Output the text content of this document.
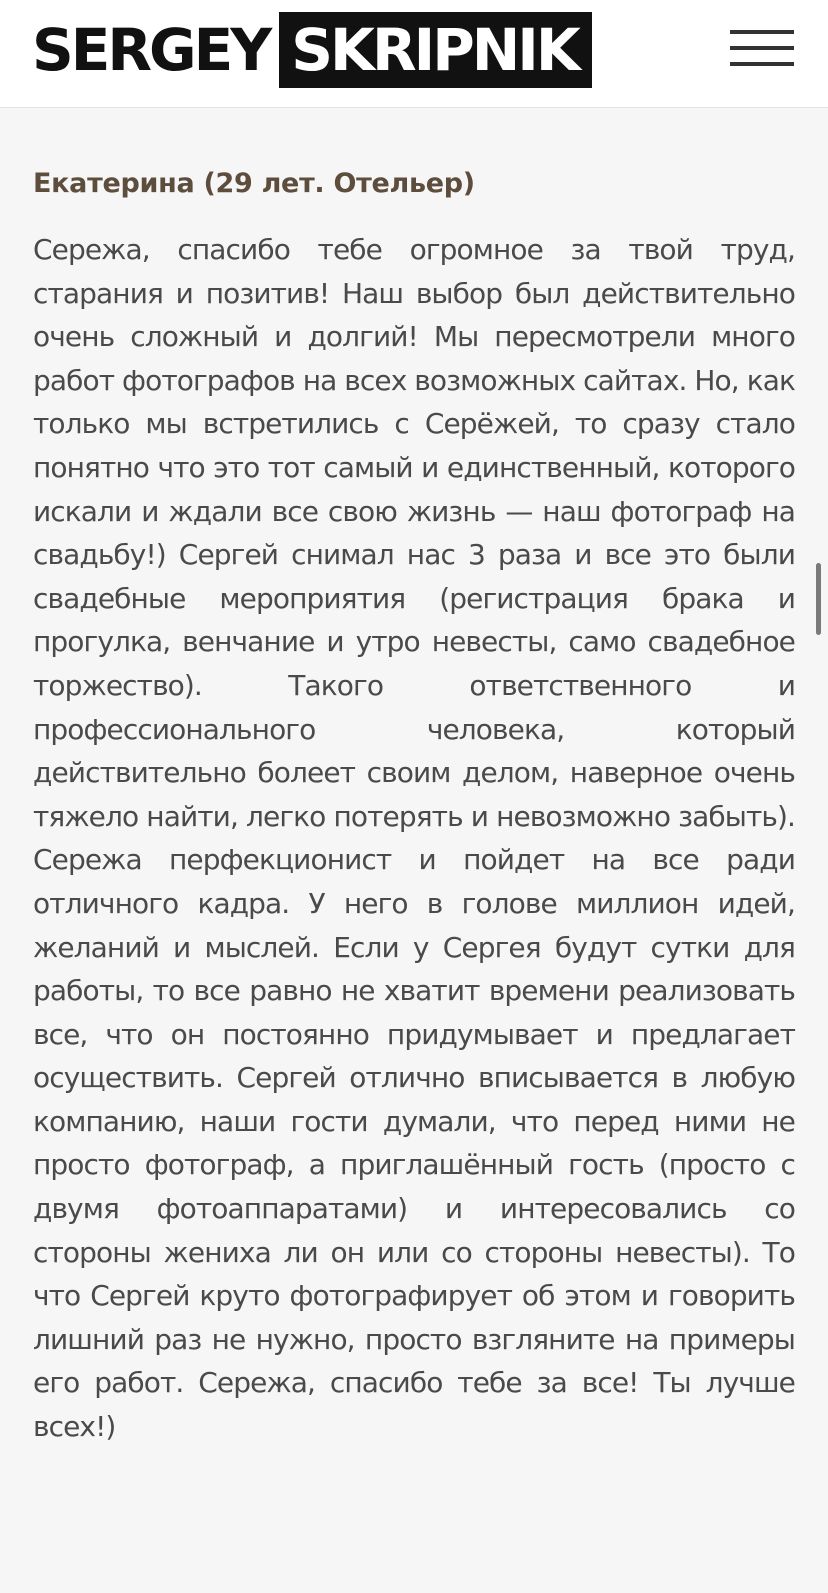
SERGEY SKRIPNIK
Екатерина (29 лет. Отельер)

Сережа, спасибо тебе огромное за твой труд, старания и позитив! Наш выбор был действительно очень сложный и долгий! Мы пересмотрели много работ фотографов на всех возможных сайтах. Но, как только мы встретились с Серёжей, то сразу стало понятно что это тот самый и единственный, которого искали и ждали все свою жизнь — наш фотограф на свадьбу!) Сергей снимал нас 3 раза и все это были свадебные мероприятия (регистрация брака и прогулка, венчание и утро невесты, само свадебное торжество). Такого ответственного и профессионального человека, который действительно болеет своим делом, наверное очень тяжело найти, легко потерять и невозможно забыть). Сережа перфекционист и пойдет на все ради отличного кадра. У него в голове миллион идей, желаний и мыслей. Если у Сергея будут сутки для работы, то все равно не хватит времени реализовать все, что он постоянно придумывает и предлагает осуществить. Сергей отлично вписывается в любую компанию, наши гости думали, что перед ними не просто фотограф, а приглашённый гость (просто с двумя фотоаппаратами) и интересовались со стороны жениха ли он или со стороны невесты). То что Сергей круто фотографирует об этом и говорить лишний раз не нужно, просто взгляните на примеры его работ. Сережа, спасибо тебе за все! Ты лучше всех!)
